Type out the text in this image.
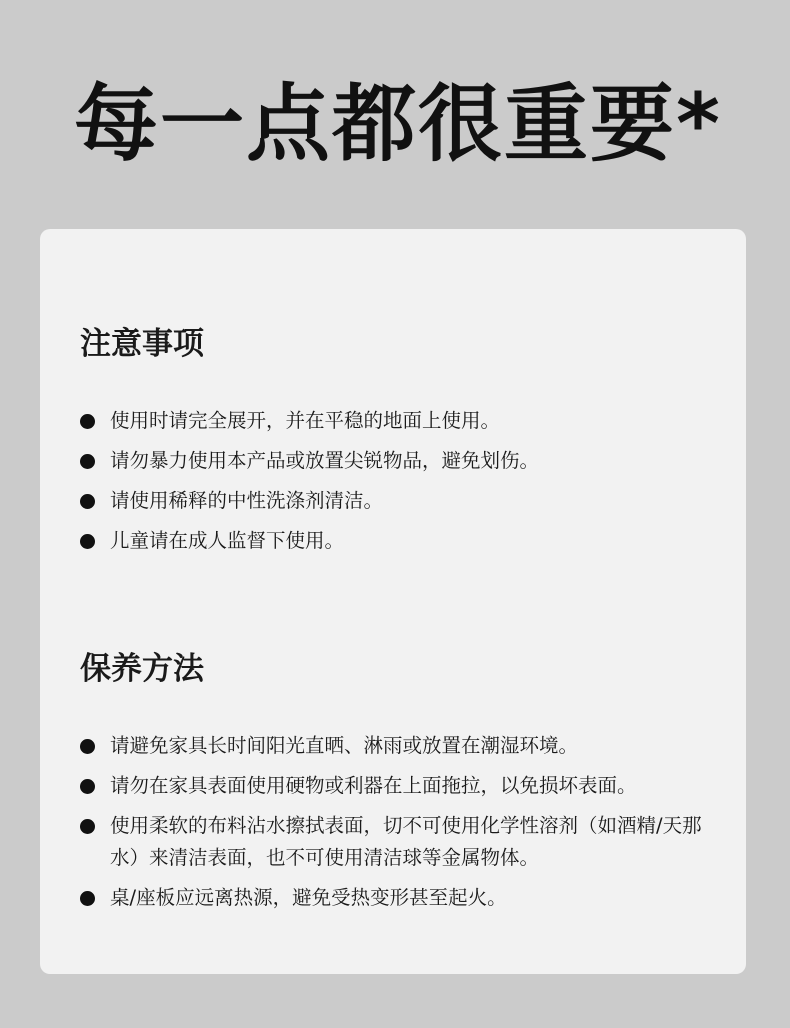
每一点都很重要*
注意事项
使用时请完全展开，并在平稳的地面上使用。
请勿暴力使用本产品或放置尖锐物品，避免划伤。
请使用稀释的中性洗涤剂清洁。
儿童请在成人监督下使用。
保养方法
请避免家具长时间阳光直晒、淋雨或放置在潮湿环境。
请勿在家具表面使用硬物或利器在上面拖拉，以免损坏表面。
使用柔软的布料沾水擦拭表面，切不可使用化学性溶剂（如酒精/天那水）来清洁表面，也不可使用清洁球等金属物体。
桌/座板应远离热源，避免受热变形甚至起火。
